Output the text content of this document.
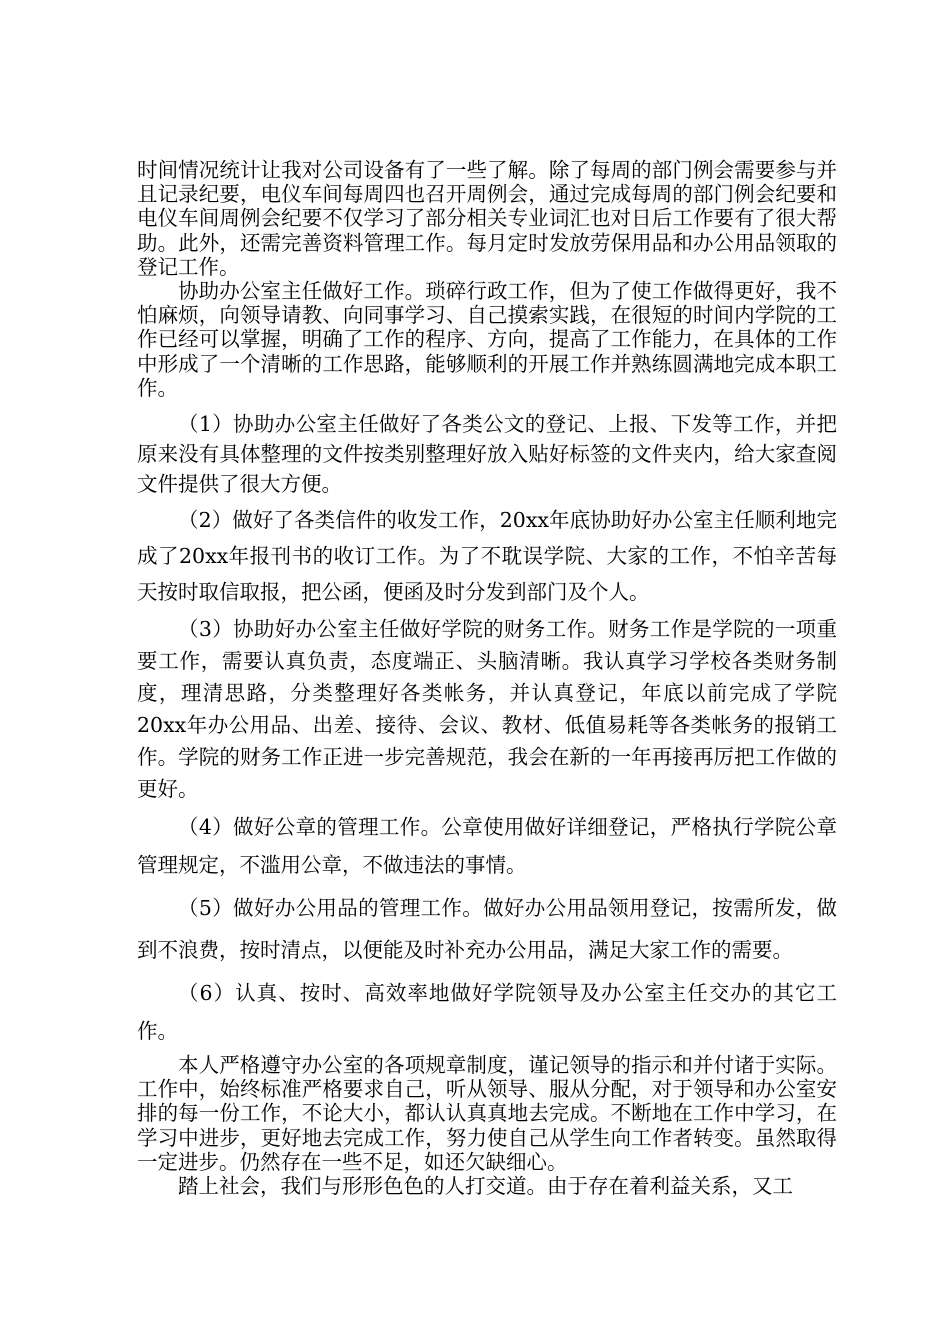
时间情况统计让我对公司设备有了一些了解。除了每周的部门例会需要参与并且记录纪要，电仪车间每周四也召开周例会，通过完成每周的部门例会纪要和电仪车间周例会纪要不仅学习了部分相关专业词汇也对日后工作要有了很大帮助。此外，还需完善资料管理工作。每月定时发放劳保用品和办公用品领取的登记工作。

协助办公室主任做好工作。琐碎行政工作，但为了使工作做得更好，我不怕麻烦，向领导请教、向同事学习、自己摸索实践，在很短的时间内学院的工作已经可以掌握，明确了工作的程序、方向，提高了工作能力，在具体的工作中形成了一个清晰的工作思路，能够顺利的开展工作并熟练圆满地完成本职工作。

（1）协助办公室主任做好了各类公文的登记、上报、下发等工作，并把原来没有具体整理的文件按类别整理好放入贴好标签的文件夹内，给大家查阅文件提供了很大方便。

（2）做好了各类信件的收发工作，20xx年底协助好办公室主任顺利地完成了20xx年报刊书的收订工作。为了不耽误学院、大家的工作，不怕辛苦每天按时取信取报，把公函，便函及时分发到部门及个人。

（3）协助好办公室主任做好学院的财务工作。财务工作是学院的一项重要工作，需要认真负责，态度端正、头脑清晰。我认真学习学校各类财务制度，理清思路，分类整理好各类帐务，并认真登记，年底以前完成了学院20xx年办公用品、出差、接待、会议、教材、低值易耗等各类帐务的报销工作。学院的财务工作正进一步完善规范，我会在新的一年再接再厉把工作做的更好。

（4）做好公章的管理工作。公章使用做好详细登记，严格执行学院公章管理规定，不滥用公章，不做违法的事情。

（5）做好办公用品的管理工作。做好办公用品领用登记，按需所发，做到不浪费，按时清点，以便能及时补充办公用品，满足大家工作的需要。

（6）认真、按时、高效率地做好学院领导及办公室主任交办的其它工作。

本人严格遵守办公室的各项规章制度，谨记领导的指示和并付诸于实际。工作中，始终标准严格要求自己，听从领导、服从分配，对于领导和办公室安排的每一份工作，不论大小，都认认真真地去完成。不断地在工作中学习，在学习中进步，更好地去完成工作，努力使自己从学生向工作者转变。虽然取得一定进步。仍然存在一些不足，如还欠缺细心。

踏上社会，我们与形形色色的人打交道。由于存在着利益关系，又工
